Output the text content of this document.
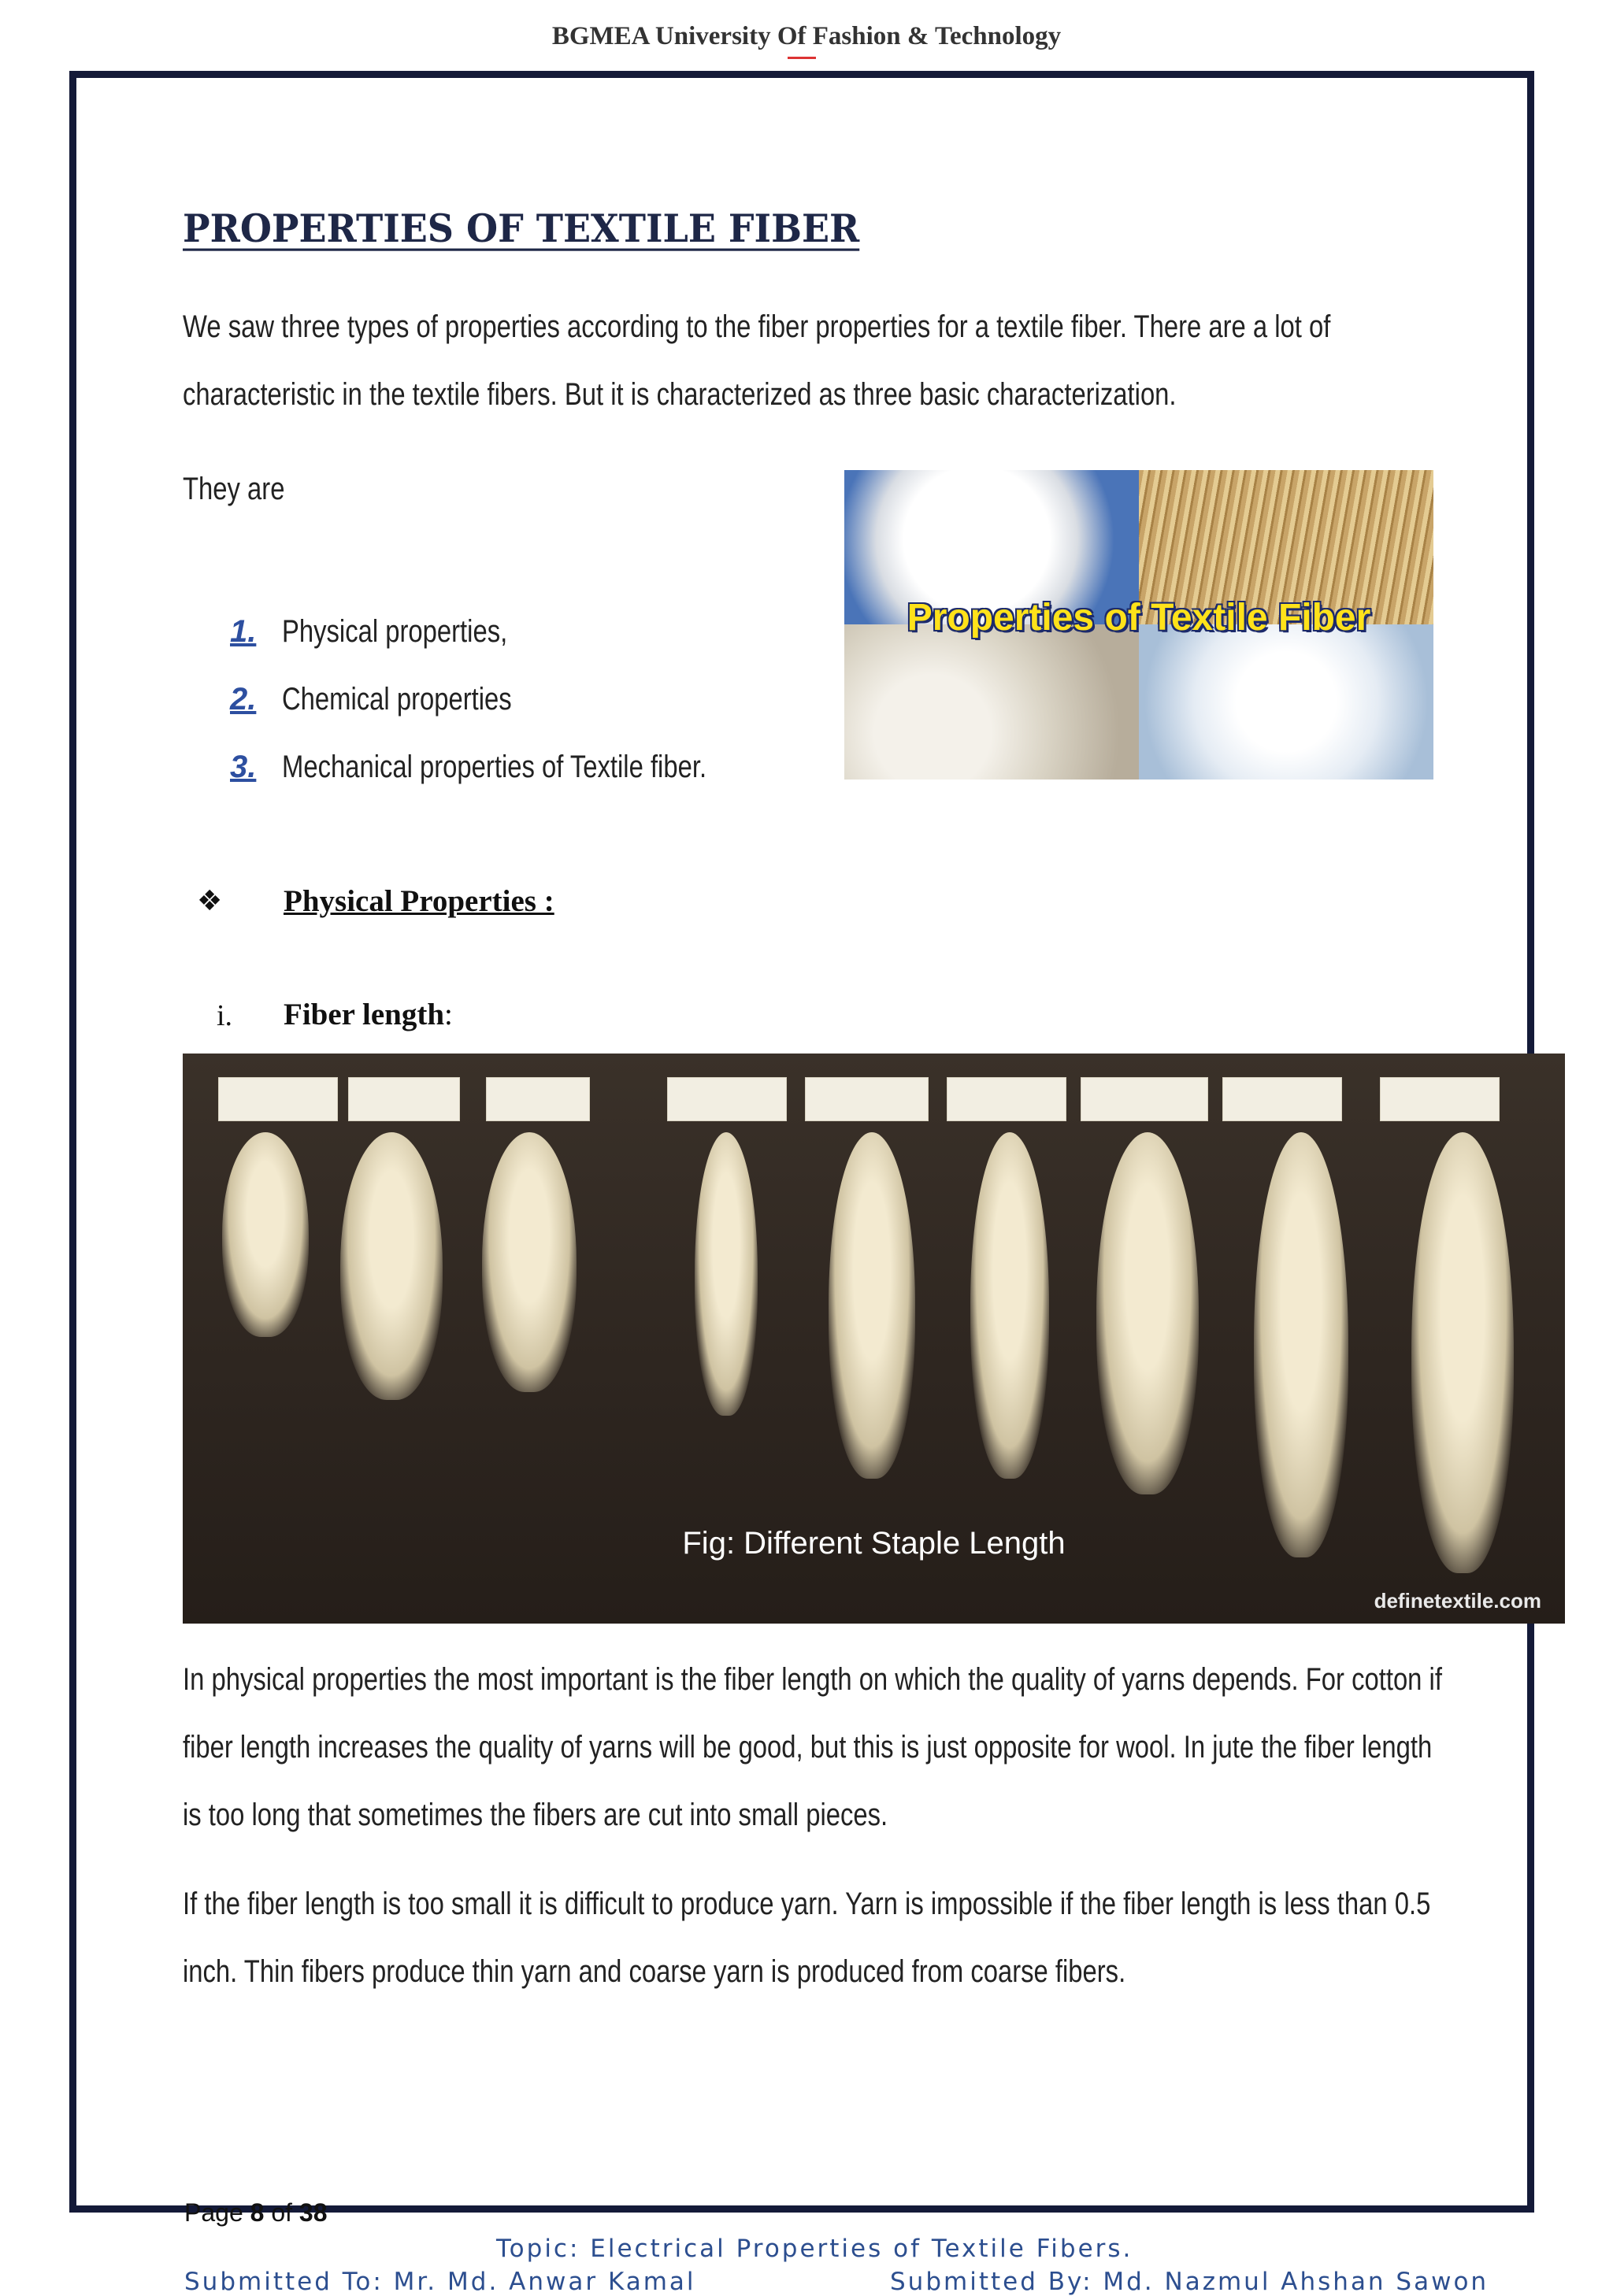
BGMEA University Of Fashion & Technology
PROPERTIES OF TEXTILE FIBER

We saw three types of properties according to the fiber properties for a textile fiber. There are a lot of characteristic in the textile fibers. But it is characterized as three basic characterization.

They are

1. Physical properties,
2. Chemical properties
3. Mechanical properties of Textile fiber.
Properties of Textile Fiber
❖ Physical Properties :
i. Fiber length:
Fig: Different Staple Length
definetextile.com

In physical properties the most important is the fiber length on which the quality of yarns depends. For cotton if fiber length increases the quality of yarns will be good, but this is just opposite for wool. In jute the fiber length is too long that sometimes the fibers are cut into small pieces.

If the fiber length is too small it is difficult to produce yarn. Yarn is impossible if the fiber length is less than 0.5 inch. Thin fibers produce thin yarn and coarse yarn is produced from coarse fibers.

Page 8 of 38
Topic: Electrical Properties of Textile Fibers.
Submitted To: Mr. Md. Anwar Kamal	Submitted By: Md. Nazmul Ahshan Sawon
